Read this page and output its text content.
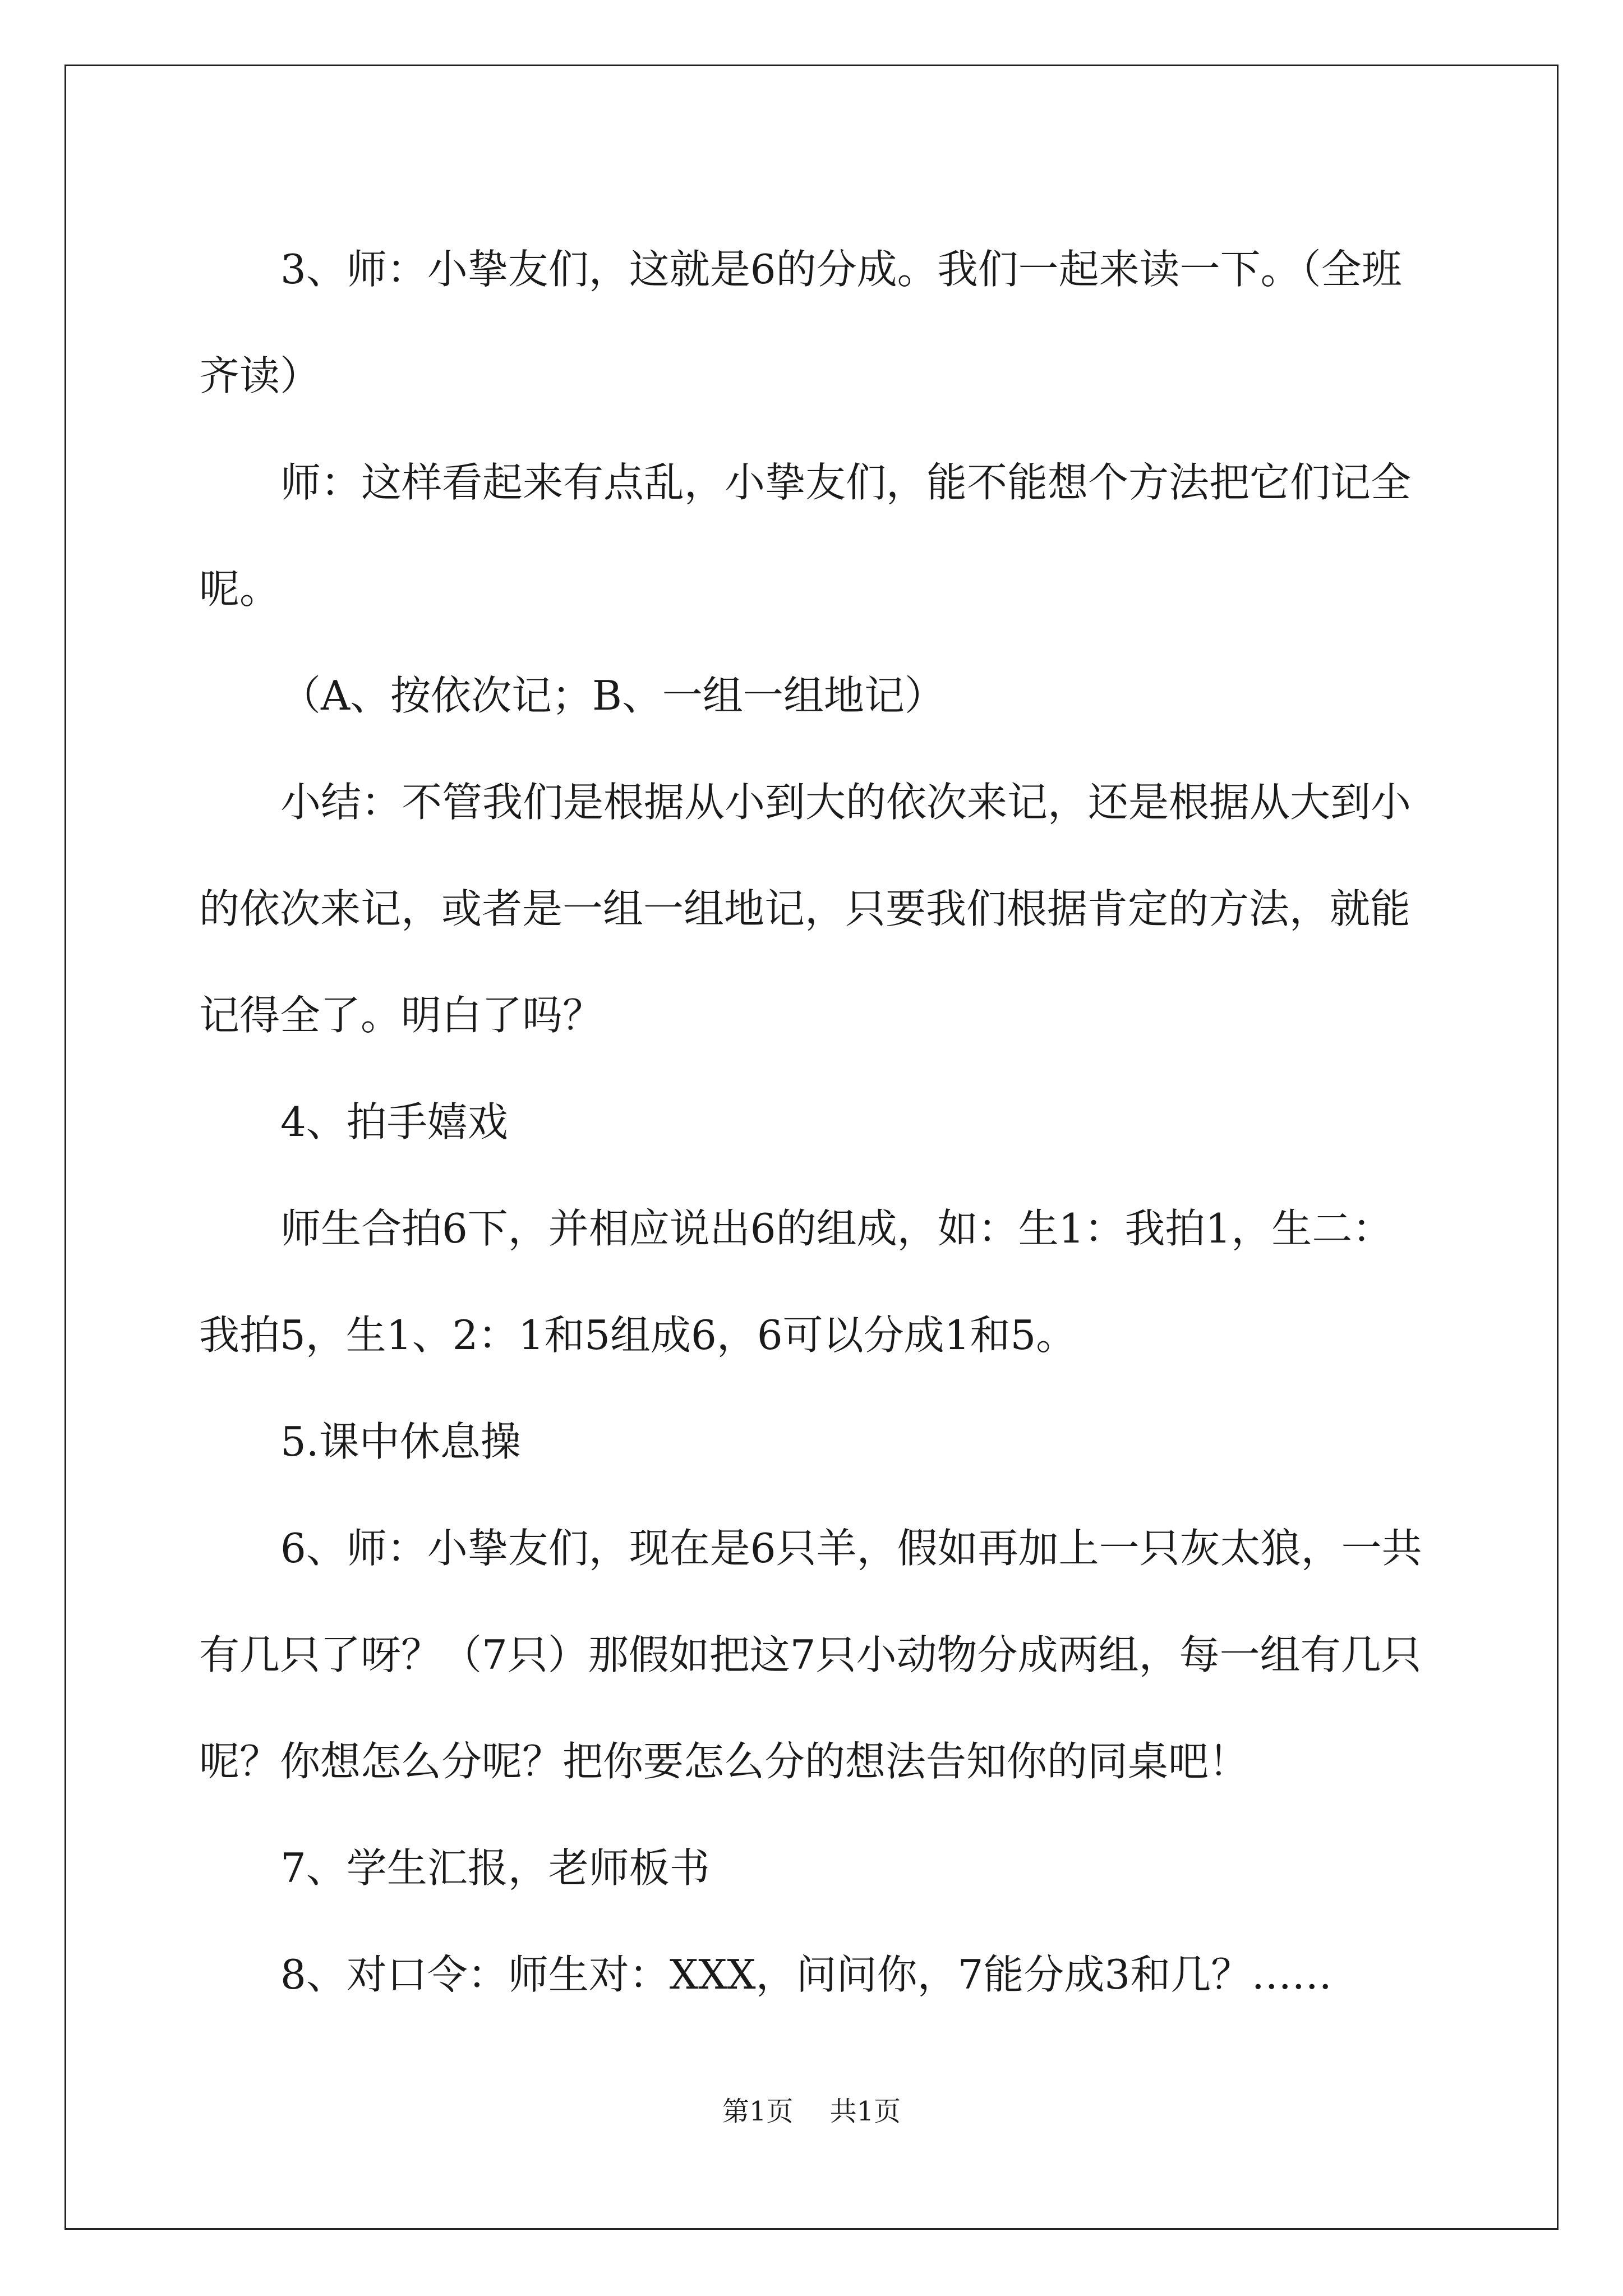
3、师：小挚友们，这就是6的分成。我们一起来读一下。（全班齐读）

师：这样看起来有点乱，小挚友们，能不能想个方法把它们记全呢。

（A、按依次记；B、一组一组地记）

小结：不管我们是根据从小到大的依次来记，还是根据从大到小的依次来记，或者是一组一组地记，只要我们根据肯定的方法，就能记得全了。明白了吗？

4、拍手嬉戏

师生合拍6下，并相应说出6的组成，如：生1：我拍1，生二：我拍5，生1、2：1和5组成6，6可以分成1和5。

5.课中休息操

6、师：小挚友们，现在是6只羊，假如再加上一只灰太狼，一共有几只了呀？（7只）那假如把这7只小动物分成两组，每一组有几只呢？你想怎么分呢？把你要怎么分的想法告知你的同桌吧！

7、学生汇报，老师板书

8、对口令：师生对：XXX，问问你，7能分成3和几？……

第1页 共1页
